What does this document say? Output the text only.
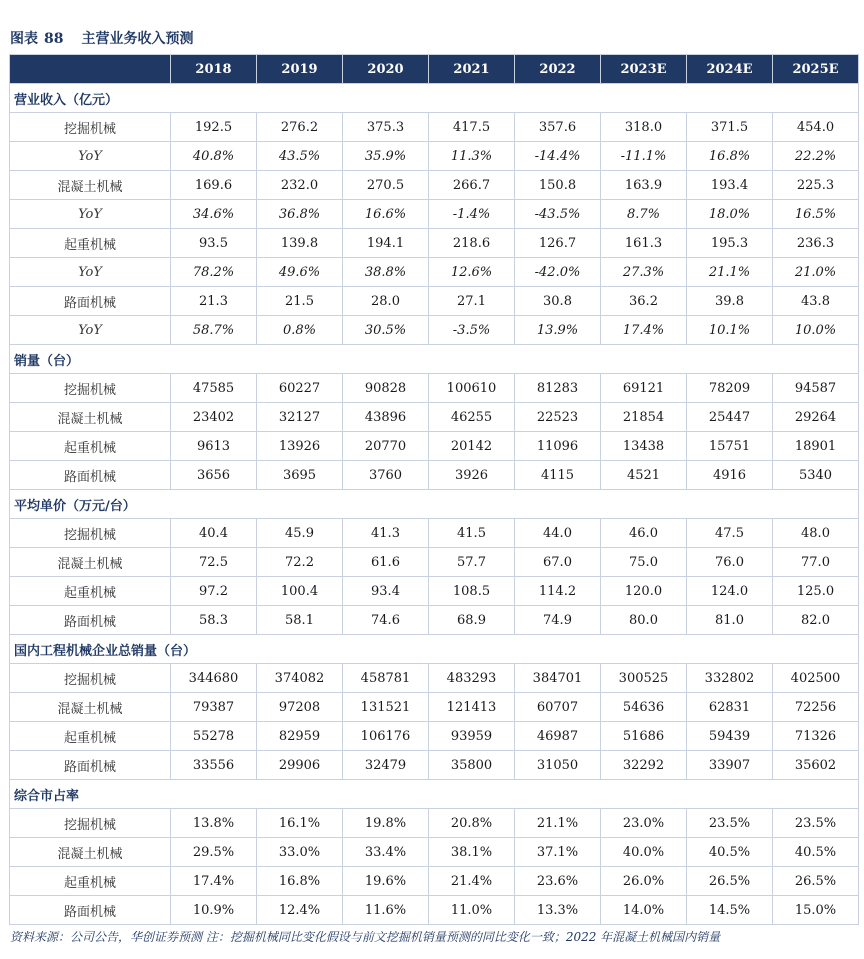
图表 88 主营业务收入预测
	2018	2019	2020	2021	2022	2023E	2024E	2025E
营业收入（亿元）								
挖掘机械	192.5	276.2	375.3	417.5	357.6	318.0	371.5	454.0
YoY	40.8%	43.5%	35.9%	11.3%	-14.4%	-11.1%	16.8%	22.2%
混凝土机械	169.6	232.0	270.5	266.7	150.8	163.9	193.4	225.3
YoY	34.6%	36.8%	16.6%	-1.4%	-43.5%	8.7%	18.0%	16.5%
起重机械	93.5	139.8	194.1	218.6	126.7	161.3	195.3	236.3
YoY	78.2%	49.6%	38.8%	12.6%	-42.0%	27.3%	21.1%	21.0%
路面机械	21.3	21.5	28.0	27.1	30.8	36.2	39.8	43.8
YoY	58.7%	0.8%	30.5%	-3.5%	13.9%	17.4%	10.1%	10.0%
销量（台）								
挖掘机械	47585	60227	90828	100610	81283	69121	78209	94587
混凝土机械	23402	32127	43896	46255	22523	21854	25447	29264
起重机械	9613	13926	20770	20142	11096	13438	15751	18901
路面机械	3656	3695	3760	3926	4115	4521	4916	5340
平均单价（万元/台）								
挖掘机械	40.4	45.9	41.3	41.5	44.0	46.0	47.5	48.0
混凝土机械	72.5	72.2	61.6	57.7	67.0	75.0	76.0	77.0
起重机械	97.2	100.4	93.4	108.5	114.2	120.0	124.0	125.0
路面机械	58.3	58.1	74.6	68.9	74.9	80.0	81.0	82.0
国内工程机械企业总销量（台）								
挖掘机械	344680	374082	458781	483293	384701	300525	332802	402500
混凝土机械	79387	97208	131521	121413	60707	54636	62831	72256
起重机械	55278	82959	106176	93959	46987	51686	59439	71326
路面机械	33556	29906	32479	35800	31050	32292	33907	35602
综合市占率								
挖掘机械	13.8%	16.1%	19.8%	20.8%	21.1%	23.0%	23.5%	23.5%
混凝土机械	29.5%	33.0%	33.4%	38.1%	37.1%	40.0%	40.5%	40.5%
起重机械	17.4%	16.8%	19.6%	21.4%	23.6%	26.0%	26.5%	26.5%
路面机械	10.9%	12.4%	11.6%	11.0%	13.3%	14.0%	14.5%	15.0%
资料来源：公司公告，华创证券预测 注：挖掘机械同比变化假设与前文挖掘机销量预测的同比变化一致；2022 年混凝土机械国内销量
